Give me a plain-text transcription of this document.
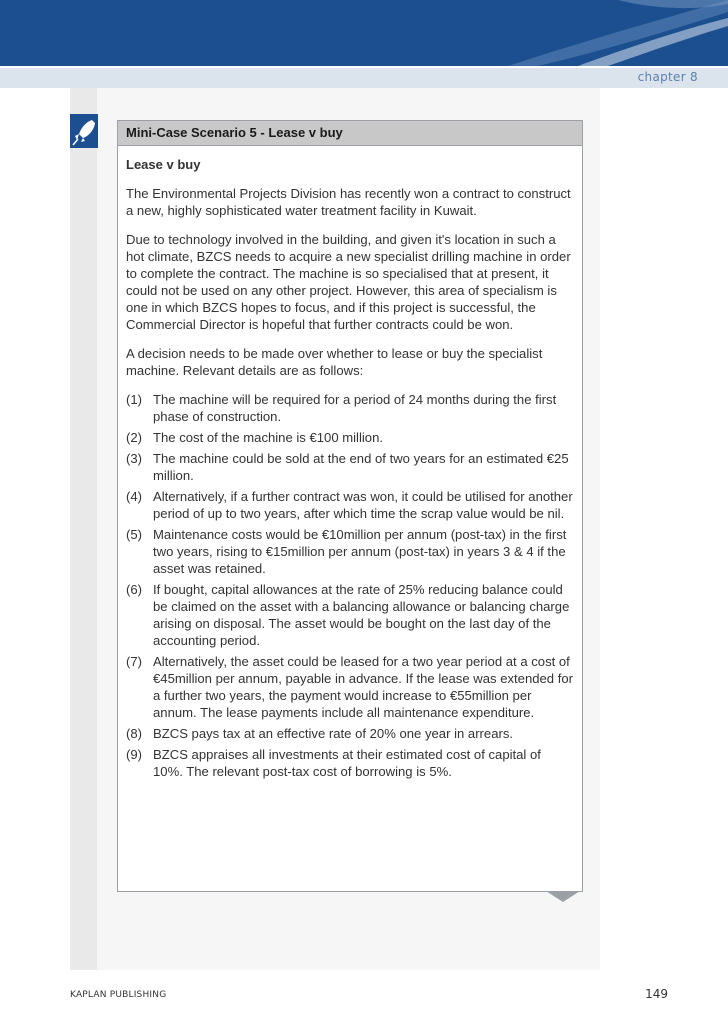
chapter 8
Mini-Case Scenario 5 - Lease v buy

Lease v buy

The Environmental Projects Division has recently won a contract to construct a new, highly sophisticated water treatment facility in Kuwait.

Due to technology involved in the building, and given it's location in such a hot climate, BZCS needs to acquire a new specialist drilling machine in order to complete the contract. The machine is so specialised that at present, it could not be used on any other project. However, this area of specialism is one in which BZCS hopes to focus, and if this project is successful, the Commercial Director is hopeful that further contracts could be won.

A decision needs to be made over whether to lease or buy the specialist machine. Relevant details are as follows:

(1) The machine will be required for a period of 24 months during the first phase of construction.
(2) The cost of the machine is €100 million.
(3) The machine could be sold at the end of two years for an estimated €25 million.
(4) Alternatively, if a further contract was won, it could be utilised for another period of up to two years, after which time the scrap value would be nil.
(5) Maintenance costs would be €10million per annum (post-tax) in the first two years, rising to €15million per annum (post-tax) in years 3 & 4 if the asset was retained.
(6) If bought, capital allowances at the rate of 25% reducing balance could be claimed on the asset with a balancing allowance or balancing charge arising on disposal. The asset would be bought on the last day of the accounting period.
(7) Alternatively, the asset could be leased for a two year period at a cost of €45million per annum, payable in advance. If the lease was extended for a further two years, the payment would increase to €55million per annum. The lease payments include all maintenance expenditure.
(8) BZCS pays tax at an effective rate of 20% one year in arrears.
(9) BZCS appraises all investments at their estimated cost of capital of 10%. The relevant post-tax cost of borrowing is 5%.
KAPLAN PUBLISHING	149
